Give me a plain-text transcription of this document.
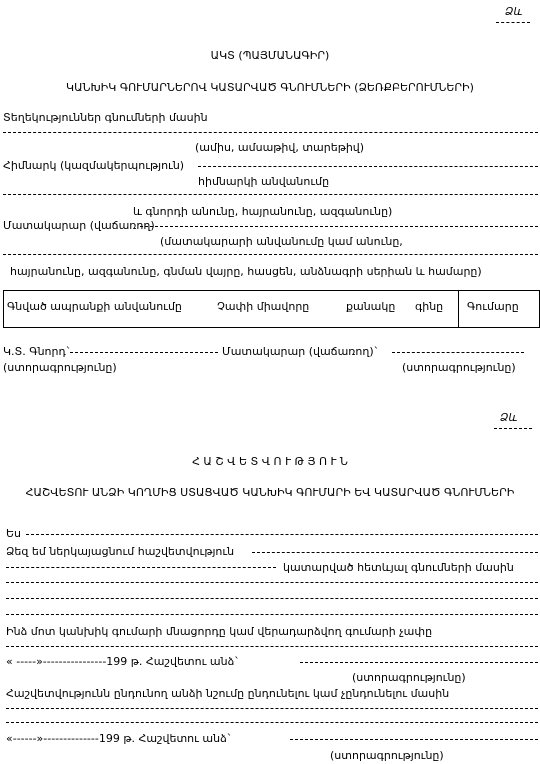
Ձև
ԱԿՏ (ՊԱՅՄԱՆԱԳԻՐ)
ԿԱՆԽԻԿ ԳՈՒՄԱՐՆԵՐՈՎ ԿԱՏԱՐՎԱԾ ԳՆՈՒՄՆԵՐԻ (ՁԵՌՔԲԵՐՈՒՄՆԵՐԻ)
Տեղեկություններ գնումների մասին
(ամիս, ամսաթիվ, տարեթիվ)
Հիմնարկ (կազմակերպություն)
հիմնարկի անվանումը
և գնորդի անունը, հայրանունը, ազգանունը)
Մատակարար (վաճառող)
(մատակարարի անվանումը կամ անունը,
հայրանունը, ազգանունը, գնման վայրը, հասցեն, անձնագրի սերիան և համարը)
Գնված ապրանքի անվանումը	Չափի միավորը	քանակը գինը Գումարը
Կ.Տ. Գնորդ`	Մատակարար (վաճառող)`
(ստորագրությունը)	(ստորագրությունը)
Ձև
Հ Ա Շ Վ Ե Տ Վ Ո Ւ Թ Յ Ո Ւ Ն
ՀԱՇՎԵՏՈՒ ԱՆՁԻ ԿՈՂՄԻՑ ՍՏԱՑՎԱԾ ԿԱՆԽԻԿ ԳՈՒՄԱՐԻ ԵՎ ԿԱՏԱՐՎԱԾ ԳՆՈՒՄՆԵՐԻ
Ես
Ձեզ եմ ներկայացնում հաշվետվություն
կատարված հետևյալ գնումների մասին
Ինձ մոտ կանխիկ գումարի մնացորդը կամ վերադարձվող գումարի չափը
« -----»----------------199 թ. Հաշվետու անձ`
(ստորագրությունը)
Հաշվետվությունն ընդունող անձի նշումը ընդունելու կամ չընդունելու մասին
«------»--------------199 թ. Հաշվետու անձ`
(ստորագրությունը)
